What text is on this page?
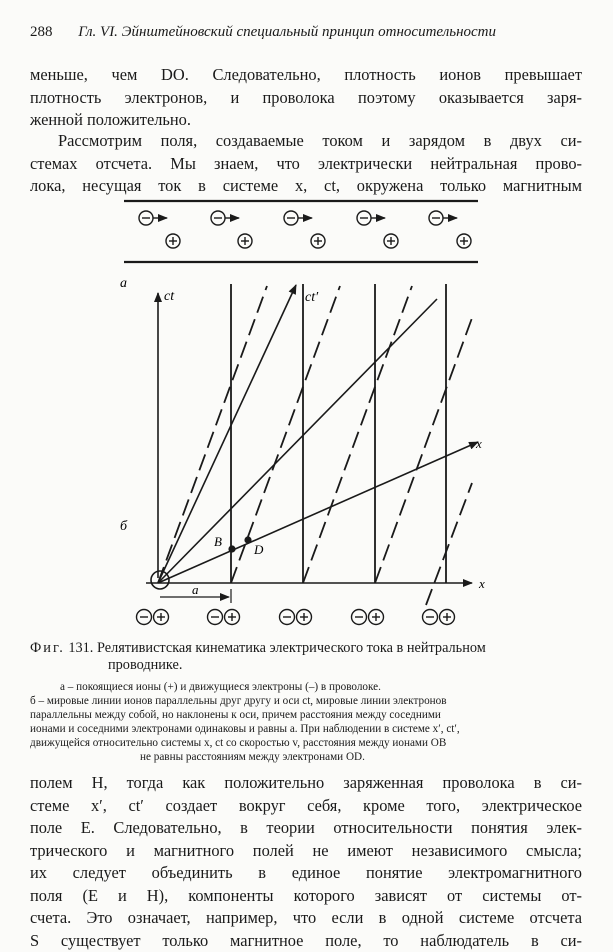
288 Гл. VI. Эйнштейновский специальный принцип относительности
меньше, чем DO. Следовательно, плотность ионов превышает
плотность электронов, и проволока поэтому оказывается заря-
женной положительно.
Рассмотрим поля, создаваемые током и зарядом в двух си-
стемах отсчета. Мы знаем, что электрически нейтральная прово-
лока, несущая ток в системе x, ct, окружена только магнитным
а
б
ct	ct′
x
x
B
D
a
Фиг. 131. Релятивистская кинематика электрического тока в нейтральном
проводнике.
а – покоящиеся ионы (+) и движущиеся электроны (–) в проволоке.
б – мировые линии ионов параллельны друг другу и оси ct, мировые линии электронов
параллельны между собой, но наклонены к оси, причем расстояния между соседними
ионами и соседними электронами одинаковы и равны a. При наблюдении в системе x′, ct′,
движущейся относительно системы x, ct со скоростью v, расстояния между ионами OB
не равны расстояниям между электронами OD.
полем H, тогда как положительно заряженная проволока в си-
стеме x′, ct′ создает вокруг себя, кроме того, электрическое
поле E. Следовательно, в теории относительности понятия элек-
трического и магнитного полей не имеют независимого смысла;
их следует объединить в единое понятие электромагнитного
поля (E и H), компоненты которого зависят от системы от-
счета. Это означает, например, что если в одной системе отсчета
S существует только магнитное поле, то наблюдатель в си-
